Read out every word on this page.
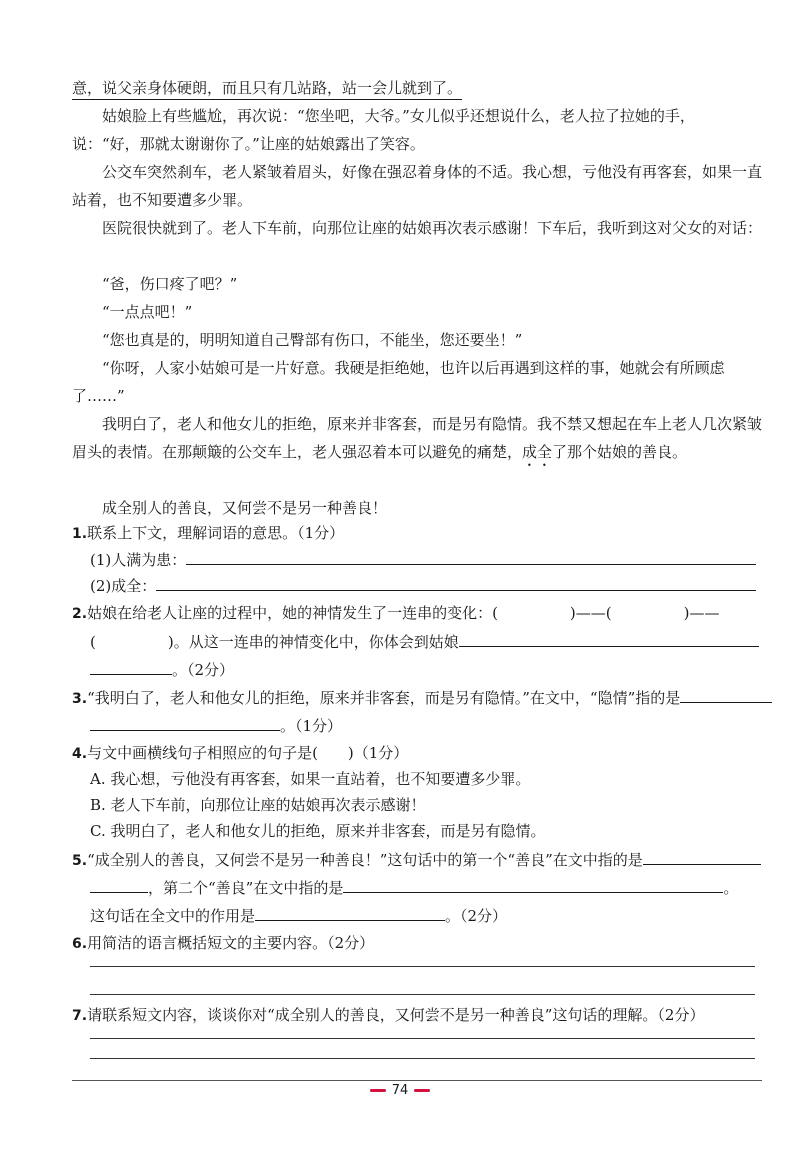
意，说父亲身体硬朗，而且只有几站路，站一会儿就到了。

姑娘脸上有些尴尬，再次说：“您坐吧，大爷。”女儿似乎还想说什么，老人拉了拉她的手，说：“好，那就太谢谢你了。”让座的姑娘露出了笑容。

公交车突然刹车，老人紧皱着眉头，好像在强忍着身体的不适。我心想，亏他没有再客套，如果一直站着，也不知要遭多少罪。

医院很快就到了。老人下车前，向那位让座的姑娘再次表示感谢！下车后，我听到这对父女的对话：

“爸，伤口疼了吧？”

“一点点吧！”

“您也真是的，明明知道自己臀部有伤口，不能坐，您还要坐！”

“你呀，人家小姑娘可是一片好意。我硬是拒绝她，也许以后再遇到这样的事，她就会有所顾虑了……”

我明白了，老人和他女儿的拒绝，原来并非客套，而是另有隐情。我不禁又想起在车上老人几次紧皱眉头的表情。在那颠簸的公交车上，老人强忍着本可以避免的痛楚，成全了那个姑娘的善良。

成全别人的善良，又何尝不是另一种善良！

1.联系上下文，理解词语的意思。（1分）
(1)人满为患：
(2)成全：
2.姑娘在给老人让座的过程中，她的神情发生了一连串的变化：(	)——(	)——
(	)。从这一连串的神情变化中，你体会到姑娘
。（2分）
3.“我明白了，老人和他女儿的拒绝，原来并非客套，而是另有隐情。”在文中，“隐情”指的是
。（1分）
4.与文中画横线句子相照应的句子是(　　)（1分）
A. 我心想，亏他没有再客套，如果一直站着，也不知要遭多少罪。
B. 老人下车前，向那位让座的姑娘再次表示感谢！
C. 我明白了，老人和他女儿的拒绝，原来并非客套，而是另有隐情。
5.“成全别人的善良，又何尝不是另一种善良！”这句话中的第一个“善良”在文中指的是
，第二个“善良”在文中指的是	。
这句话在全文中的作用是	。（2分）
6.用简洁的语言概括短文的主要内容。（2分）
7.请联系短文内容，谈谈你对“成全别人的善良，又何尝不是另一种善良”这句话的理解。（2分）
74
